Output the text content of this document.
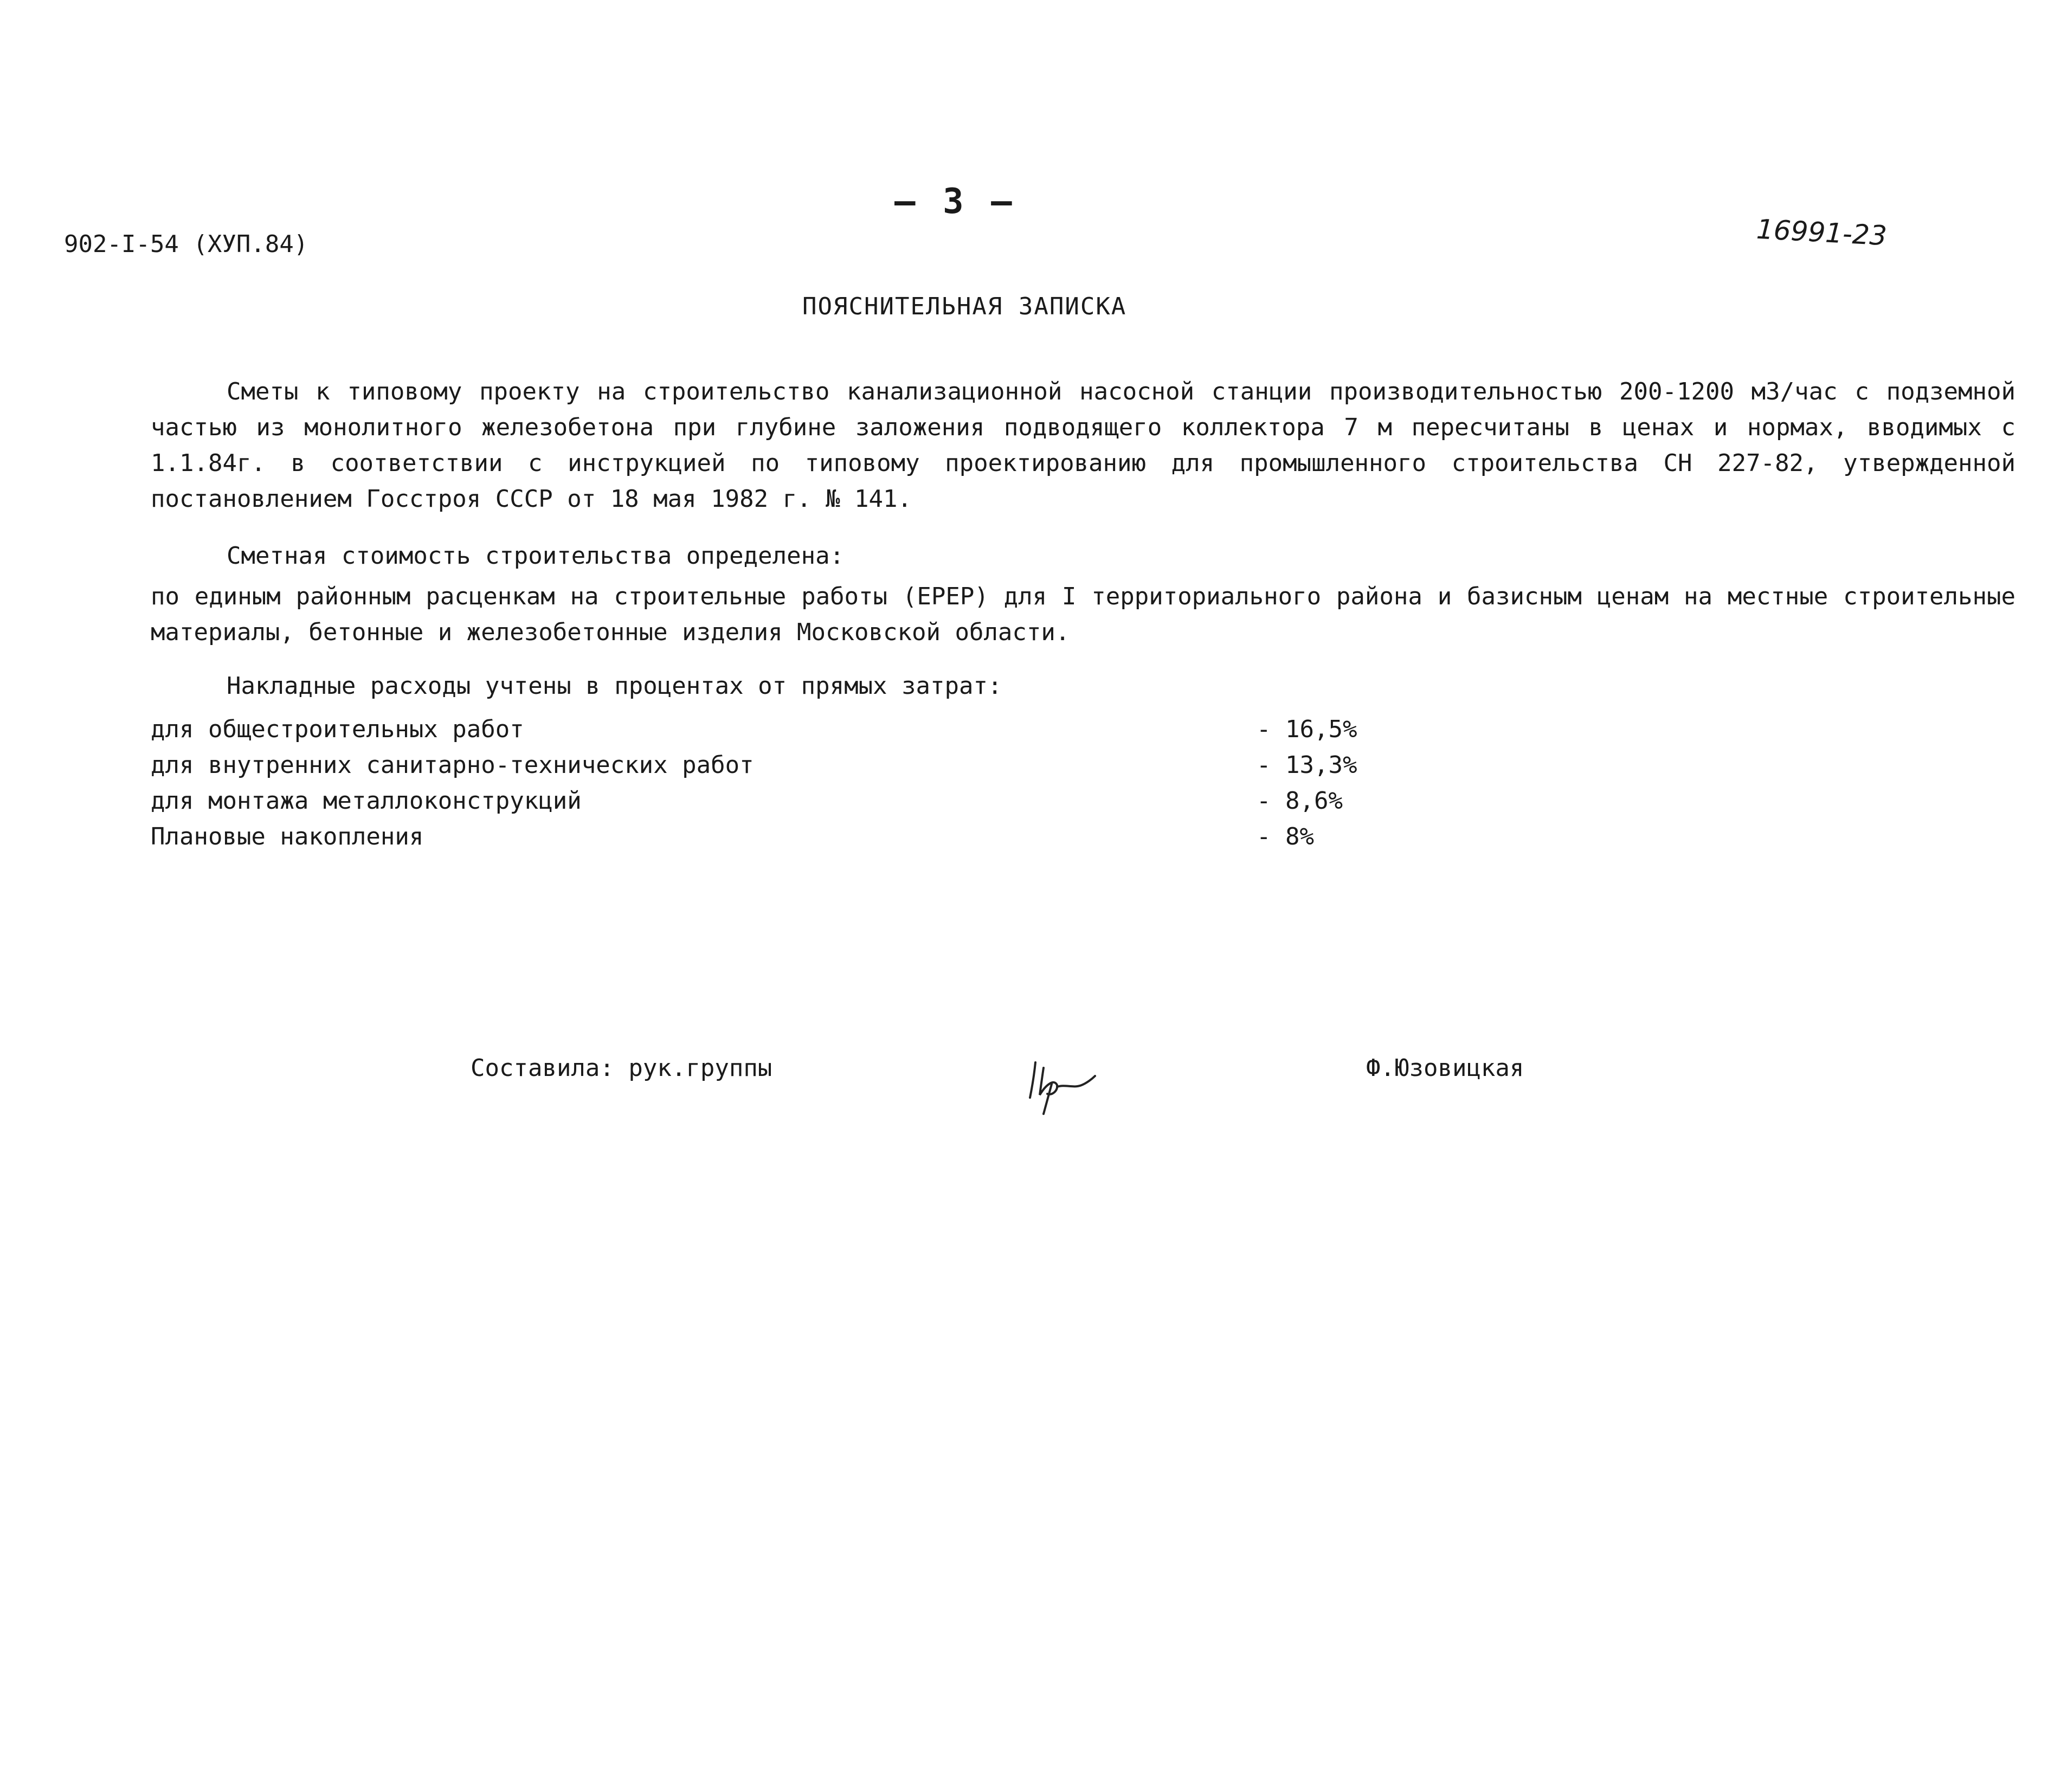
— 3 —
902-I-54 (XУП.84)	16991-23
ПОЯСНИТЕЛЬНАЯ ЗАПИСКА
Сметы к типовому проекту на строительство канализационной насосной станции производительностью 200-1200 м3/час с подземной частью из монолитного железобетона при глубине заложения подводящего коллектора 7 м пересчитаны в ценах и нормах, вводимых с 1.1.84г. в соответствии с инструкцией по типовому проектированию для промышленного строительства СН 227-82, утвержденной постановлением Госстроя СССР от 18 мая 1982 г. № 141.
Сметная стоимость строительства определена:
по единым районным расценкам на строительные работы (ЕРЕР) для I территориального района и базисным ценам на местные строительные материалы, бетонные и железобетонные изделия Московской области.
Накладные расходы учтены в процентах от прямых затрат:
для общестроительных работ	- 16,5%
для внутренних санитарно-технических работ	- 13,3%
для монтажа металлоконструкций	- 8,6%
Плановые накопления	- 8%
Составила: рук.группы	Ф.Юзовицкая
